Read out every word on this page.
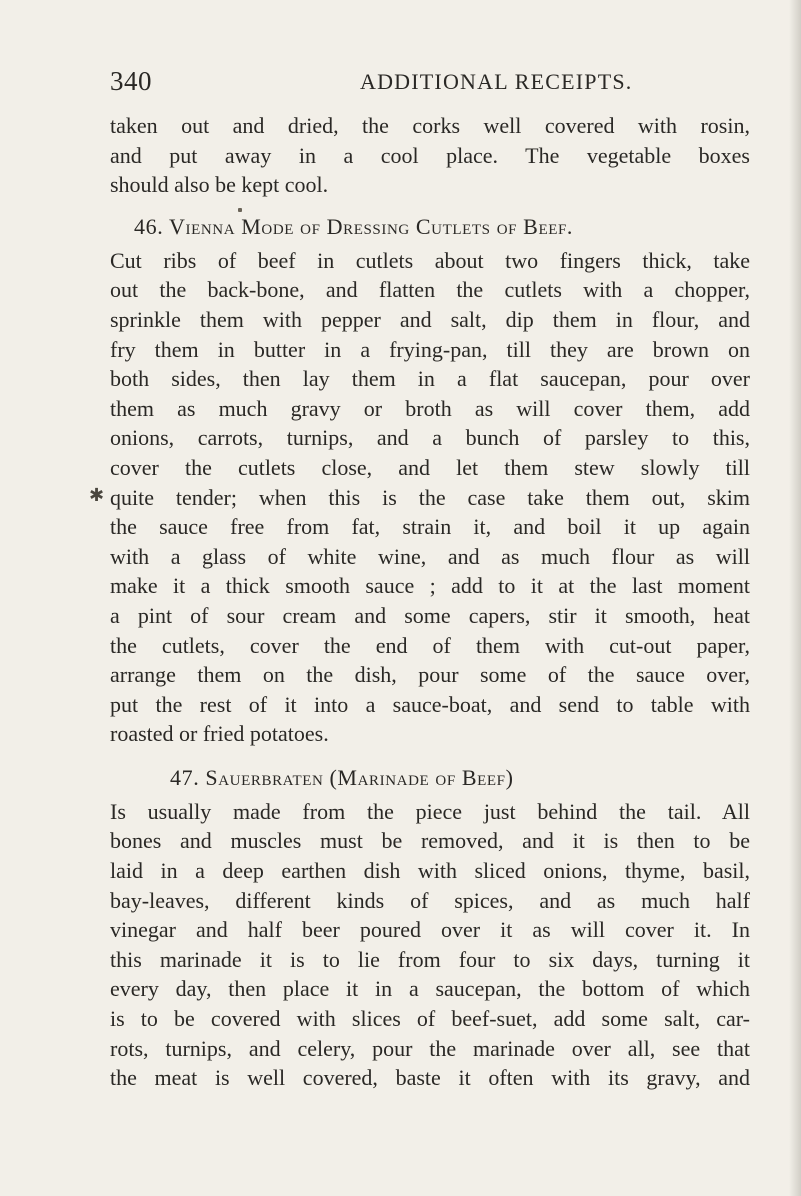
340	ADDITIONAL RECEIPTS.
✱
taken out and dried, the corks well covered with rosin,
and put away in a cool place. The vegetable boxes
should also be kept cool.
46. Vienna Mode of Dressing Cutlets of Beef.
Cut ribs of beef in cutlets about two fingers thick, take
out the back-bone, and flatten the cutlets with a chopper,
sprinkle them with pepper and salt, dip them in flour, and
fry them in butter in a frying-pan, till they are brown on
both sides, then lay them in a flat saucepan, pour over
them as much gravy or broth as will cover them, add
onions, carrots, turnips, and a bunch of parsley to this,
cover the cutlets close, and let them stew slowly till
quite tender; when this is the case take them out, skim
the sauce free from fat, strain it, and boil it up again
with a glass of white wine, and as much flour as will
make it a thick smooth sauce ; add to it at the last moment
a pint of sour cream and some capers, stir it smooth, heat
the cutlets, cover the end of them with cut-out paper,
arrange them on the dish, pour some of the sauce over,
put the rest of it into a sauce-boat, and send to table with
roasted or fried potatoes.
47. Sauerbraten (Marinade of Beef)
Is usually made from the piece just behind the tail. All
bones and muscles must be removed, and it is then to be
laid in a deep earthen dish with sliced onions, thyme, basil,
bay-leaves, different kinds of spices, and as much half
vinegar and half beer poured over it as will cover it. In
this marinade it is to lie from four to six days, turning it
every day, then place it in a saucepan, the bottom of which
is to be covered with slices of beef-suet, add some salt, car-
rots, turnips, and celery, pour the marinade over all, see that
the meat is well covered, baste it often with its gravy, and
